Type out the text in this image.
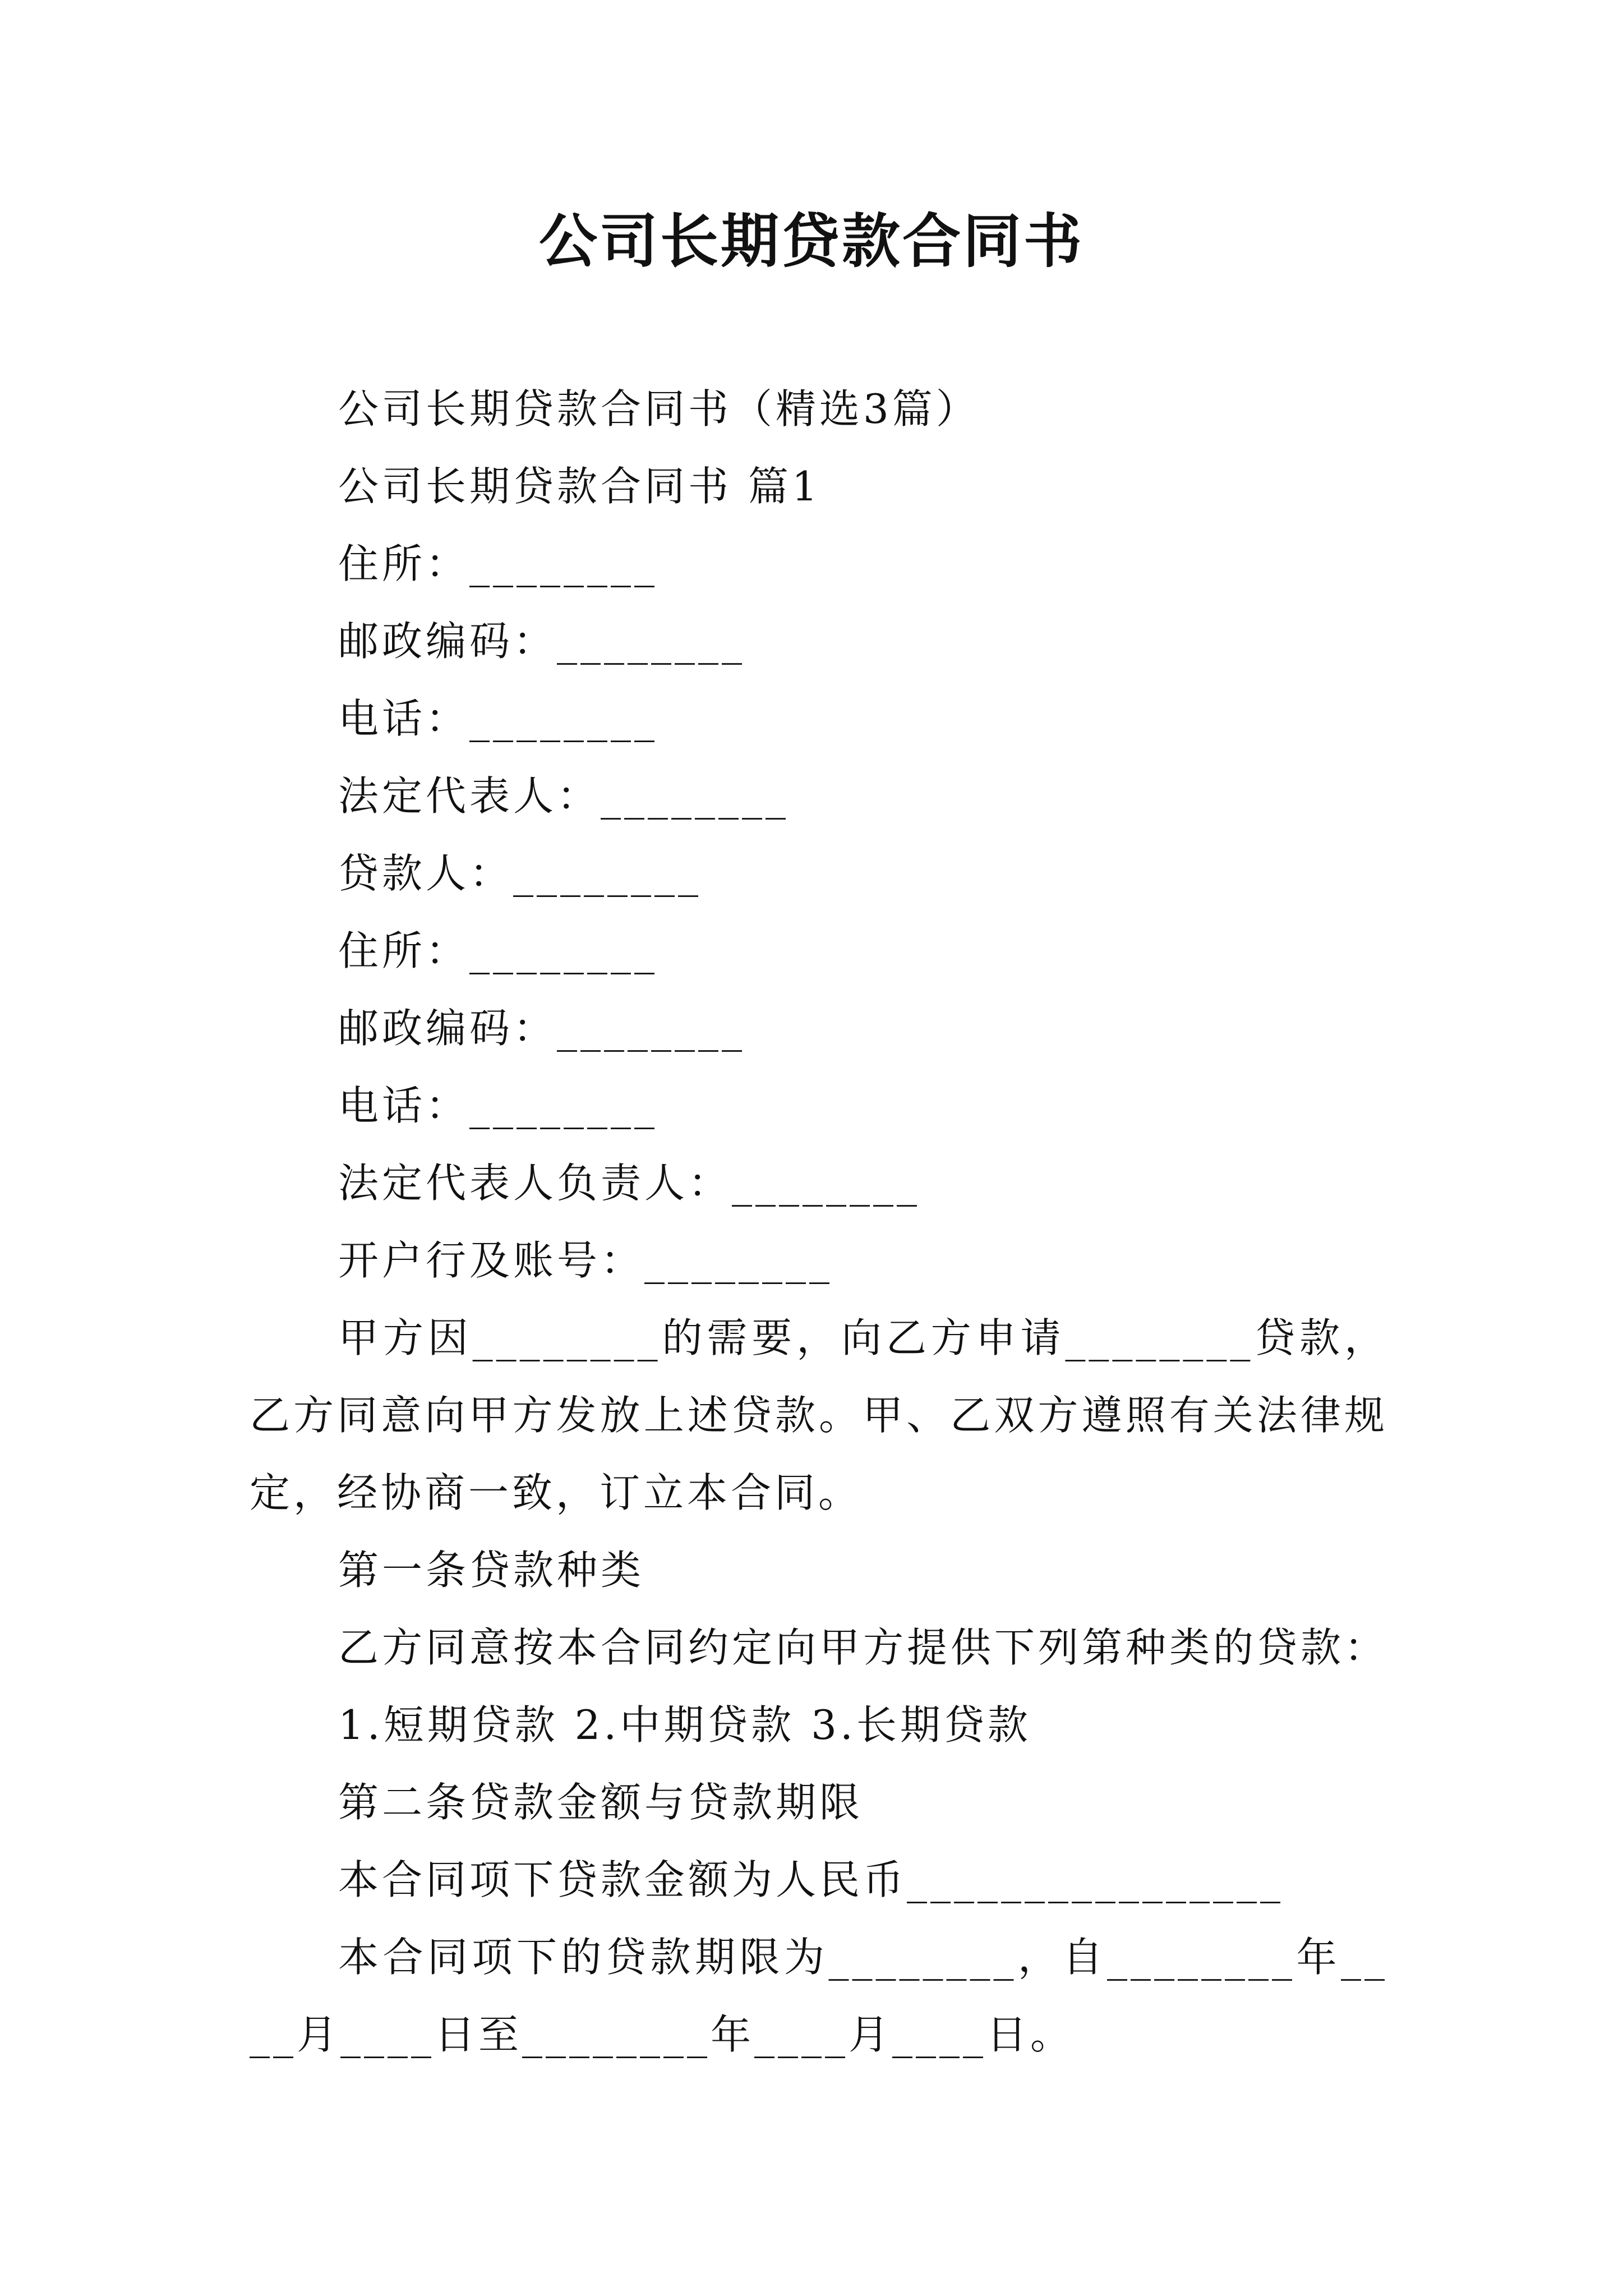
公司长期贷款合同书

公司长期贷款合同书（精选3篇）

公司长期贷款合同书 篇1

住所：________

邮政编码：________

电话：________

法定代表人：________

贷款人：________

住所：________

邮政编码：________

电话：________

法定代表人负责人：________

开户行及账号：________

甲方因________的需要，向乙方申请________贷款，乙方同意向甲方发放上述贷款。甲、乙双方遵照有关法律规定，经协商一致，订立本合同。

第一条贷款种类

乙方同意按本合同约定向甲方提供下列第种类的贷款：

1.短期贷款 2.中期贷款 3.长期贷款

第二条贷款金额与贷款期限

本合同项下贷款金额为人民币________________

本合同项下的贷款期限为________，自________年____月____日至________年____月____日。
